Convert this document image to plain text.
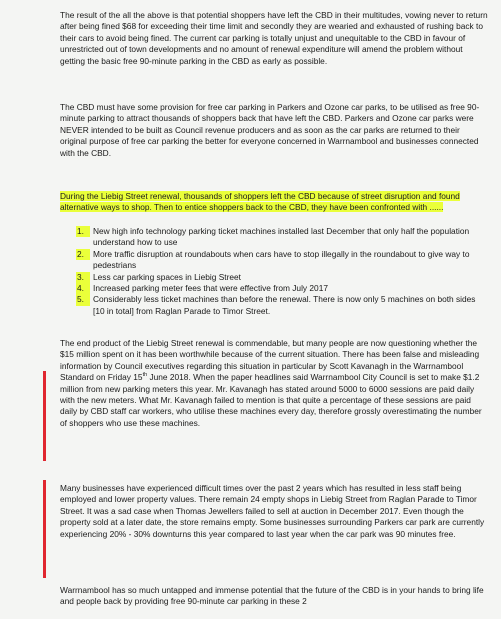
The result of the all the above is that potential shoppers have left the CBD in their multitudes, vowing never to return after being fined $68 for exceeding their time limit and secondly they are wearied and exhausted of rushing back to their cars to avoid being fined. The current car parking is totally unjust and unequitable to the CBD in favour of unrestricted out of town developments and no amount of renewal expenditure will amend the problem without getting the basic free 90-minute parking in the CBD as early as possible.

The CBD must have some provision for free car parking in Parkers and Ozone car parks, to be utilised as free 90-minute parking to attract thousands of shoppers back that have left the CBD. Parkers and Ozone car parks were NEVER intended to be built as Council revenue producers and as soon as the car parks are returned to their original purpose of free car parking the better for everyone concerned in Warrnambool and businesses connected with the CBD.

During the Liebig Street renewal, thousands of shoppers left the CBD because of street disruption and found alternative ways to shop. Then to entice shoppers back to the CBD, they have been confronted with ......

1.	New high info technology parking ticket machines installed last December that only half the population understand how to use
2.	More traffic disruption at roundabouts when cars have to stop illegally in the roundabout to give way to pedestrians
3.	Less car parking spaces in Liebig Street
4.	Increased parking meter fees that were effective from July 2017
5.	Considerably less ticket machines than before the renewal. There is now only 5 machines on both sides [10 in total] from Raglan Parade to Timor Street.

The end product of the Liebig Street renewal is commendable, but many people are now questioning whether the $15 million spent on it has been worthwhile because of the current situation. There has been false and misleading information by Council executives regarding this situation in particular by Scott Kavanagh in the Warrnambool Standard on Friday 15th June 2018. When the paper headlines said Warrnambool City Council is set to make $1.2 million from new parking meters this year. Mr. Kavanagh has stated around 5000 to 6000 sessions are paid daily with the new meters. What Mr. Kavanagh failed to mention is that quite a percentage of these sessions are paid daily by CBD staff car workers, who utilise these machines every day, therefore grossly overestimating the number of shoppers who use these machines.

Many businesses have experienced difficult times over the past 2 years which has resulted in less staff being employed and lower property values. There remain 24 empty shops in Liebig Street from Raglan Parade to Timor Street. It was a sad case when Thomas Jewellers failed to sell at auction in December 2017. Even though the property sold at a later date, the store remains empty. Some businesses surrounding Parkers car park are currently experiencing 20% - 30% downturns this year compared to last year when the car park was 90 minutes free.

Warrnambool has so much untapped and immense potential that the future of the CBD is in your hands to bring life and people back by providing free 90-minute car parking in these 2
